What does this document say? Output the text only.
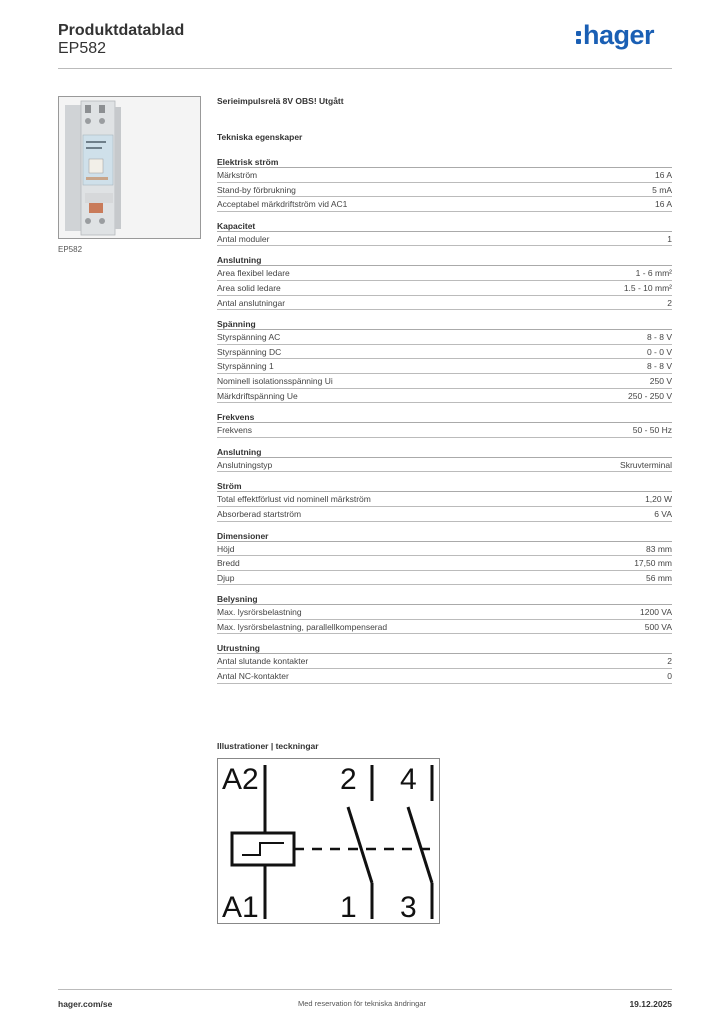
Produktdatablad
EP582	hager
EP582
Serieimpulsrelä 8V OBS! Utgått
Tekniska egenskaper
Elektrisk ström
Märkström	16 A
Stand-by förbrukning	5 mA
Acceptabel märkdriftström vid AC1	16 A
Kapacitet
Antal moduler	1
Anslutning
Area flexibel ledare	1 - 6 mm²
Area solid ledare	1.5 - 10 mm²
Antal anslutningar	2
Spänning
Styrspänning AC	8 - 8 V
Styrspänning DC	0 - 0 V
Styrspänning 1	8 - 8 V
Nominell isolationsspänning Ui	250 V
Märkdriftspänning Ue	250 - 250 V
Frekvens
Frekvens	50 - 50 Hz
Anslutning
Anslutningstyp	Skruvterminal
Ström
Total effektförlust vid nominell märkström	1,20 W
Absorberad startström	6 VA
Dimensioner
Höjd	83 mm
Bredd	17,50 mm
Djup	56 mm
Belysning
Max. lysrörsbelastning	1200 VA
Max. lysrörsbelastning, parallellkompenserad	500 VA
Utrustning
Antal slutande kontakter	2
Antal NC-kontakter	0
Illustrationer | teckningar
A2
A1
2 4
1 3
hager.com/se	Med reservation för tekniska ändringar	19.12.2025
